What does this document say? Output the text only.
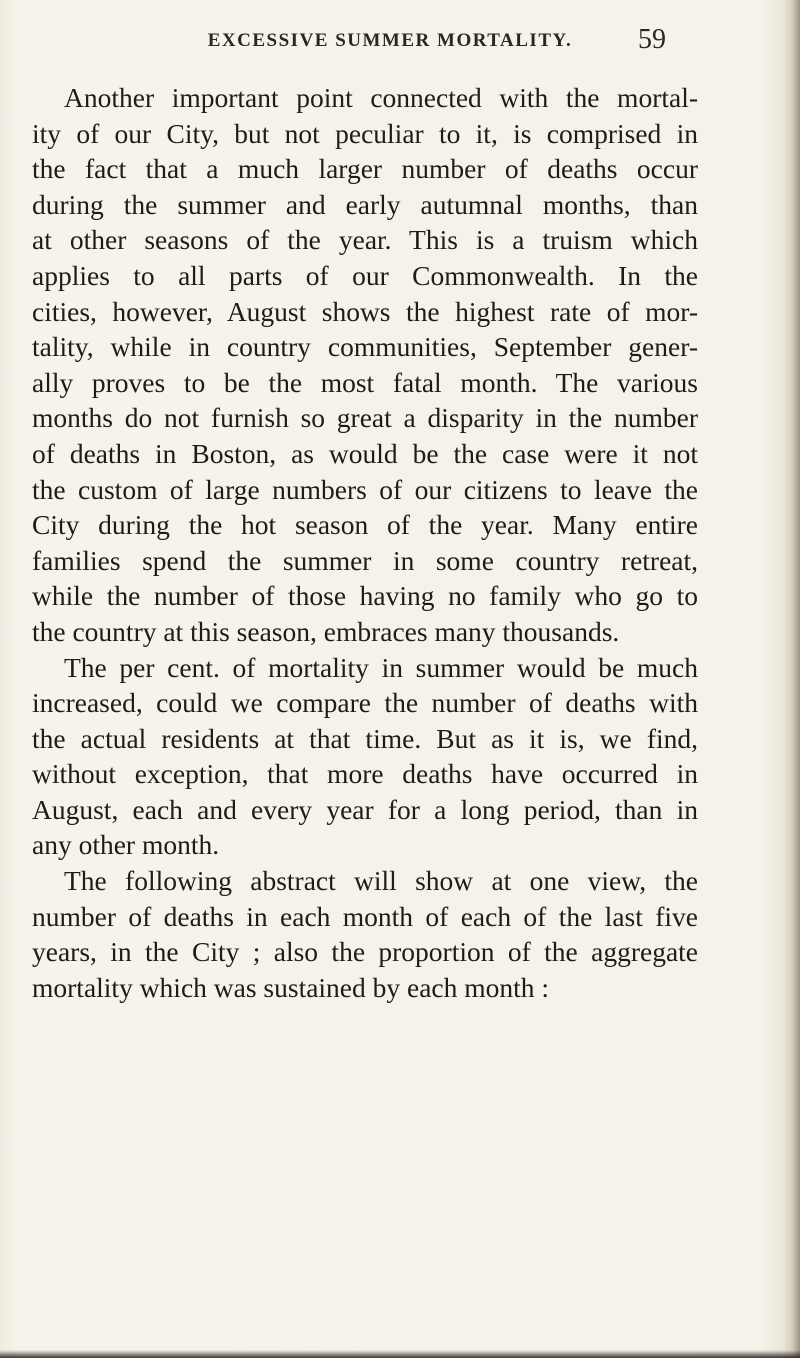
EXCESSIVE SUMMER MORTALITY. 59
Another important point connected with the mortal-
ity of our City, but not peculiar to it, is comprised in
the fact that a much larger number of deaths occur
during the summer and early autumnal months, than
at other seasons of the year. This is a truism which
applies to all parts of our Commonwealth. In the
cities, however, August shows the highest rate of mor-
tality, while in country communities, September gener-
ally proves to be the most fatal month. The various
months do not furnish so great a disparity in the number
of deaths in Boston, as would be the case were it not
the custom of large numbers of our citizens to leave the
City during the hot season of the year. Many entire
families spend the summer in some country retreat,
while the number of those having no family who go to
the country at this season, embraces many thousands.
The per cent. of mortality in summer would be much
increased, could we compare the number of deaths with
the actual residents at that time. But as it is, we find,
without exception, that more deaths have occurred in
August, each and every year for a long period, than in
any other month.
The following abstract will show at one view, the
number of deaths in each month of each of the last five
years, in the City ; also the proportion of the aggregate
mortality which was sustained by each month :
